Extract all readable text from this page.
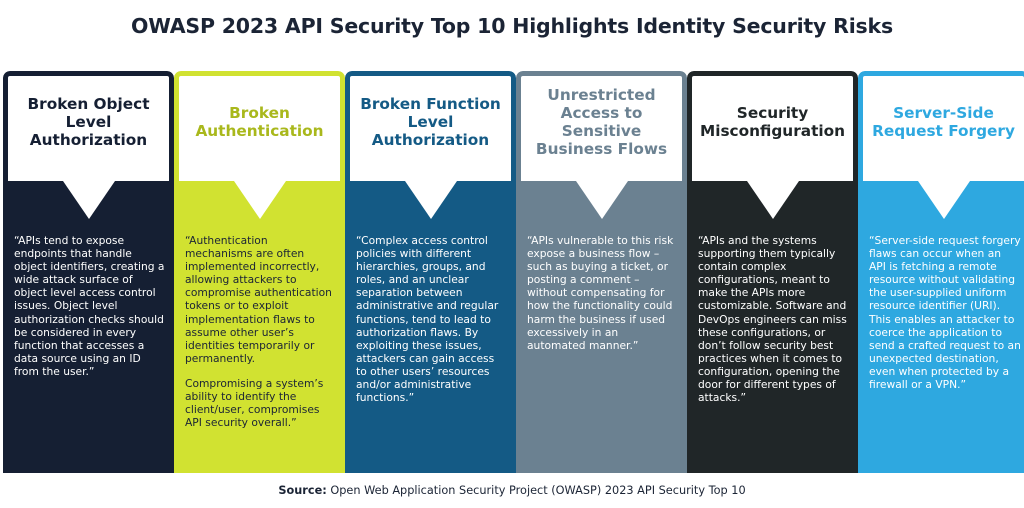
OWASP 2023 API Security Top 10 Highlights Identity Security Risks
Broken Object
Level Authorization

“APIs tend to expose endpoints that handle object identifiers, creating a wide attack surface of object level access control issues. Object level authorization checks should be considered in every function that accesses a data source using an ID from the user.”

Broken
Authentication

“Authentication mechanisms are often implemented incorrectly, allowing attackers to compromise authentication tokens or to exploit implementation flaws to assume other user’s identities temporarily or permanently.

Compromising a system’s ability to identify the client/user, compromises API security overall.”

Broken Function
Level Authorization

“Complex access control policies with different hierarchies, groups, and roles, and an unclear separation between administrative and regular functions, tend to lead to authorization flaws. By exploiting these issues, attackers can gain access to other users’ resources and/or administrative functions.”

Unrestricted
Access to Sensitive
Business Flows

“APIs vulnerable to this risk expose a business flow – such as buying a ticket, or posting a comment – without compensating for how the functionality could harm the business if used excessively in an automated manner.”

Security
Misconfiguration

“APIs and the systems supporting them typically contain complex configurations, meant to make the APIs more customizable. Software and DevOps engineers can miss these configurations, or don’t follow security best practices when it comes to configuration, opening the door for different types of attacks.”

Server-Side
Request Forgery

“Server-side request forgery flaws can occur when an API is fetching a remote resource without validating the user-supplied uniform resource identifier (URI). This enables an attacker to coerce the application to send a crafted request to an unexpected destination, even when protected by a firewall or a VPN.”

Source: Open Web Application Security Project (OWASP) 2023 API Security Top 10
